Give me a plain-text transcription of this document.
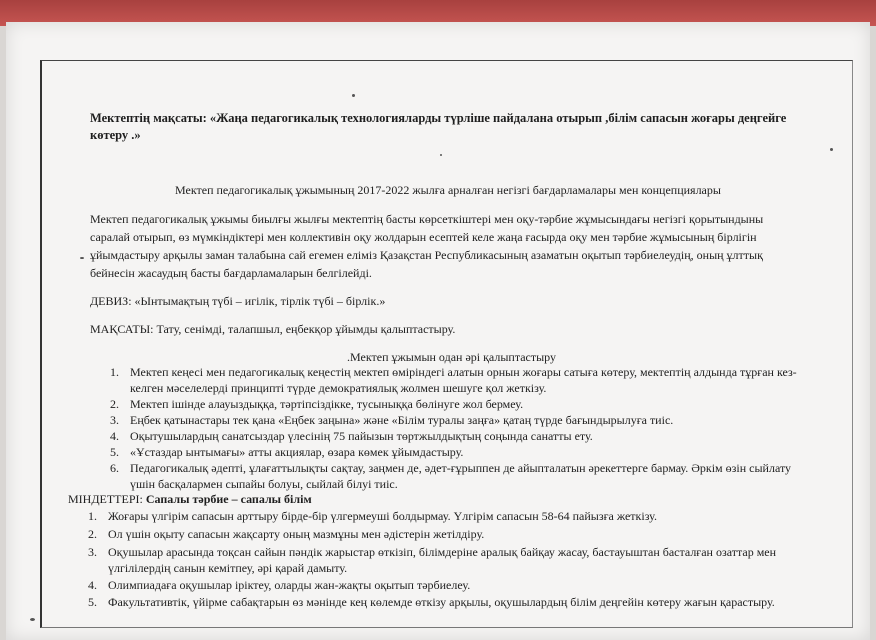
Мектептің мақсаты: «Жаңа педагогикалық технологияларды түрліше пайдалана отырып ,білім сапасын жоғары деңгейге
көтеру .»
Мектеп педагогикалық ұжымының 2017-2022 жылға арналған негізгі бағдарламалары мен концепциялары
Мектеп педагогикалық ұжымы биылғы жылғы мектептің басты көрсеткіштері мен оқу-тәрбие жұмысындағы негізгі қорытындыны
саралай отырып, өз мүмкіндіктері мен коллективін оқу жолдарын есептей келе жаңа ғасырда оқу мен тәрбие жұмысының бірлігін
ұйымдастыру арқылы заман талабына сай егемен еліміз Қазақстан Республикасының азаматын оқытып тәрбиелеудің, оның ұлттық
бейнесін жасаудың басты бағдарламаларын белгілейді.
ДЕВИЗ: «Ынтымақтың түбі – игілік, тірлік түбі – бірлік.»
МАҚСАТЫ: Тату, сенімді, талапшыл, еңбекқор ұйымды қалыптастыру.
.Мектеп ұжымын одан әрі қалыптастыру
1. Мектеп кеңесі мен педагогикалық кеңестің мектеп өміріндегі алатын орнын жоғары сатыға көтеру, мектептің алдында тұрған кез-
келген мәселелерді принципті түрде демократиялық жолмен шешуге қол жеткізу.
2. Мектеп ішінде алауыздыққа, тәртіпсіздікке, тусыныққа бөлінуге жол бермеу.
3. Еңбек қатынастары тек қана «Еңбек заңына» және «Білім туралы заңға» қатаң түрде бағындырылуға тиіс.
4. Оқытушылардың санатсыздар үлесінің 75 пайызын төртжылдықтың соңында санатты ету.
5. «Ұстаздар ынтымағы» атты акциялар, өзара көмек ұйымдастыру.
6. Педагогикалық әдепті, ұлағаттылықты сақтау, заңмен де, әдет-ғұрыппен де айыпталатын әрекеттерге бармау. Әркім өзін сыйлату
үшін басқалармен сыпайы болуы, сыйлай білуі тиіс.
МІНДЕТТЕРІ: Сапалы тәрбие – сапалы білім
1. Жоғары үлгірім сапасын арттыру бірде-бір үлгермеуші болдырмау. Үлгірім сапасын 58-64 пайызға жеткізу.
2. Ол үшін оқыту сапасын жақсарту оның мазмұны мен әдістерін жетілдіру.
3. Оқушылар арасында тоқсан сайын пәндік жарыстар өткізіп, білімдеріне аралық байқау жасау, бастауыштан басталған озаттар мен
үлгілілердің санын кемітпеу, әрі қарай дамыту.
4. Олимпиадаға оқушылар іріктеу, оларды жан-жақты оқытып тәрбиелеу.
5. Факультативтік, үйірме сабақтарын өз мәнінде кең көлемде өткізу арқылы, оқушылардың білім деңгейін көтеру жағын қарастыру.
